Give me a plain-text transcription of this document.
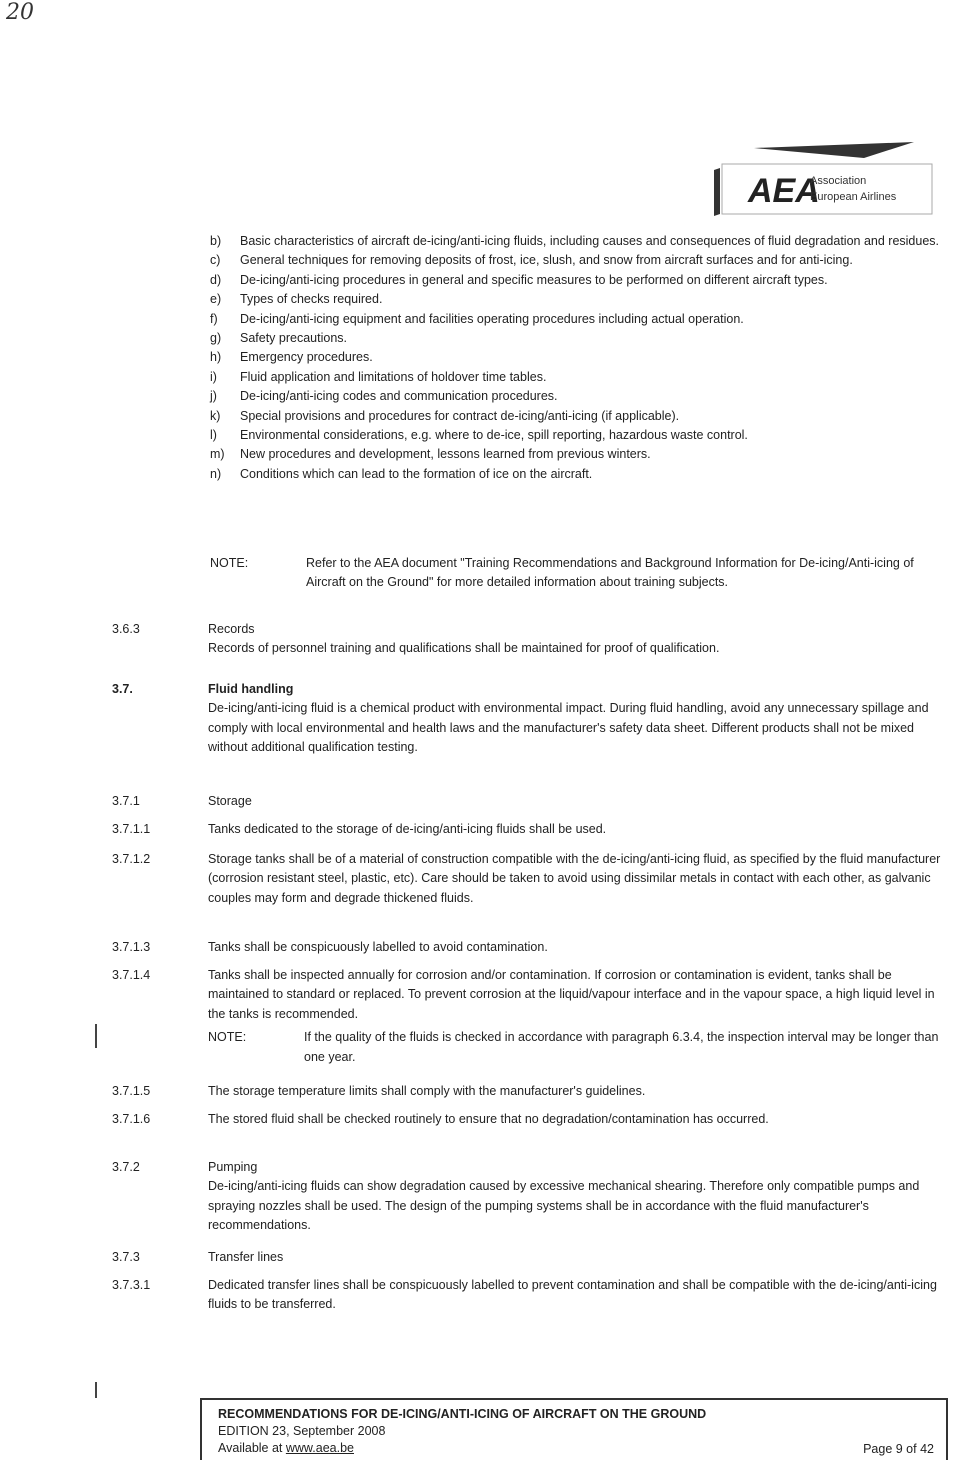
20
AEA
Association
European Airlines
b)	Basic characteristics of aircraft de-icing/anti-icing fluids, including causes and consequences of fluid degradation and residues.
c)	General techniques for removing deposits of frost, ice, slush, and snow from aircraft surfaces and for anti-icing.
d)	De-icing/anti-icing procedures in general and specific measures to be performed on different aircraft types.
e)	Types of checks required.
f)	De-icing/anti-icing equipment and facilities operating procedures including actual operation.
g)	Safety precautions.
h)	Emergency procedures.
i)	Fluid application and limitations of holdover time tables.
j)	De-icing/anti-icing codes and communication procedures.
k)	Special provisions and procedures for contract de-icing/anti-icing (if applicable).
l)	Environmental considerations, e.g. where to de-ice, spill reporting, hazardous waste control.
m)	New procedures and development, lessons learned from previous winters.
n)	Conditions which can lead to the formation of ice on the aircraft.
NOTE:	Refer to the AEA document "Training Recommendations and Background Information for De-icing/Anti-icing of Aircraft on the Ground" for more detailed information about training subjects.
3.6.3	Records
Records of personnel training and qualifications shall be maintained for proof of qualification.
3.7.	Fluid handling
De-icing/anti-icing fluid is a chemical product with environmental impact. During fluid handling, avoid any unnecessary spillage and comply with local environmental and health laws and the manufacturer's safety data sheet. Different products shall not be mixed without additional qualification testing.
3.7.1	Storage
3.7.1.1	Tanks dedicated to the storage of de-icing/anti-icing fluids shall be used.
3.7.1.2	Storage tanks shall be of a material of construction compatible with the de-icing/anti-icing fluid, as specified by the fluid manufacturer (corrosion resistant steel, plastic, etc). Care should be taken to avoid using dissimilar metals in contact with each other, as galvanic couples may form and degrade thickened fluids.
3.7.1.3	Tanks shall be conspicuously labelled to avoid contamination.
3.7.1.4	Tanks shall be inspected annually for corrosion and/or contamination. If corrosion or contamination is evident, tanks shall be maintained to standard or replaced. To prevent corrosion at the liquid/vapour interface and in the vapour space, a high liquid level in the tanks is recommended.
NOTE:	If the quality of the fluids is checked in accordance with paragraph 6.3.4, the inspection interval may be longer than one year.
3.7.1.5	The storage temperature limits shall comply with the manufacturer's guidelines.
3.7.1.6	The stored fluid shall be checked routinely to ensure that no degradation/contamination has occurred.
3.7.2	Pumping
De-icing/anti-icing fluids can show degradation caused by excessive mechanical shearing. Therefore only compatible pumps and spraying nozzles shall be used. The design of the pumping systems shall be in accordance with the fluid manufacturer's recommendations.
3.7.3	Transfer lines
3.7.3.1	Dedicated transfer lines shall be conspicuously labelled to prevent contamination and shall be compatible with the de-icing/anti-icing fluids to be transferred.
RECOMMENDATIONS FOR DE-ICING/ANTI-ICING OF AIRCRAFT ON THE GROUND
EDITION 23, September 2008
Available at www.aea.be	Page 9 of 42
